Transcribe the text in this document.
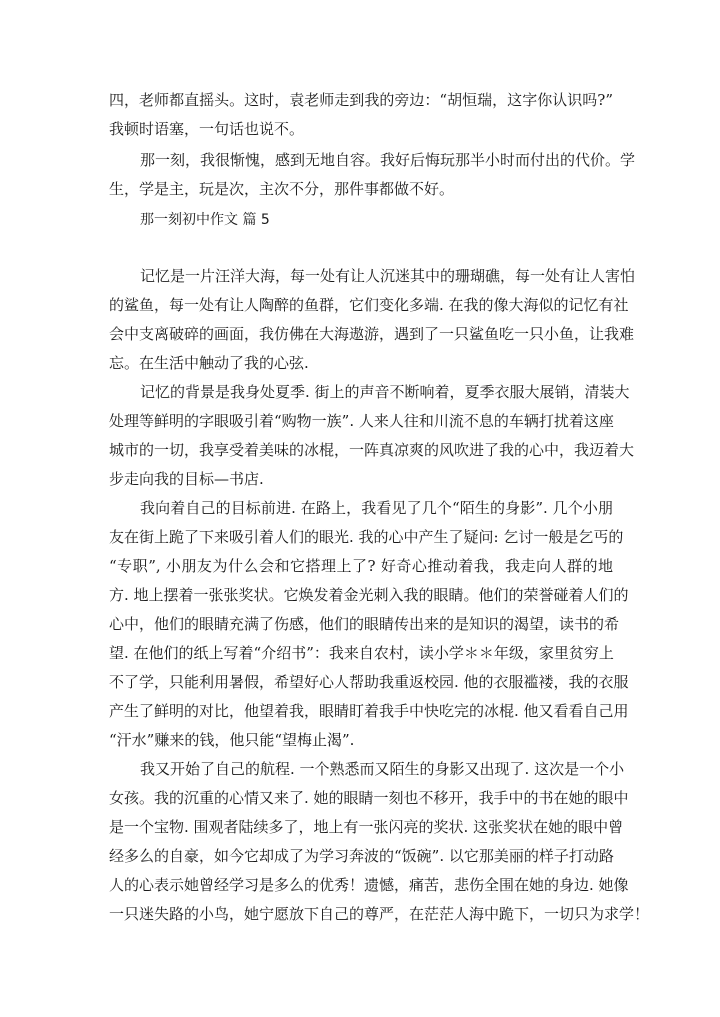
四，老师都直摇头。这时，袁老师走到我的旁边：“胡恒瑞，这字你认识吗?”
我顿时语塞，一句话也说不。
那一刻，我很惭愧，感到无地自容。我好后悔玩那半小时而付出的代价。学
生，学是主，玩是次，主次不分，那件事都做不好。
那一刻初中作文 篇 5
记忆是一片汪洋大海，每一处有让人沉迷其中的珊瑚礁，每一处有让人害怕
的鲨鱼，每一处有让人陶醉的鱼群，它们变化多端. 在我的像大海似的记忆有社
会中支离破碎的画面，我仿佛在大海遨游，遇到了一只鲨鱼吃一只小鱼，让我难
忘。在生活中触动了我的心弦.
记忆的背景是我身处夏季. 街上的声音不断响着，夏季衣服大展销，清装大
处理等鲜明的字眼吸引着“购物一族”. 人来人往和川流不息的车辆打扰着这座
城市的一切，我享受着美味的冰棍，一阵真凉爽的风吹进了我的心中，我迈着大
步走向我的目标—书店.
我向着自己的目标前进. 在路上，我看见了几个“陌生的身影”. 几个小朋
友在街上跪了下来吸引着人们的眼光. 我的心中产生了疑问: 乞讨一般是乞丐的
“专职”, 小朋友为什么会和它搭理上了? 好奇心推动着我，我走向人群的地
方. 地上摆着一张张奖状。它焕发着金光刺入我的眼睛。他们的荣誉碰着人们的
心中，他们的眼睛充满了伤感，他们的眼睛传出来的是知识的渴望，读书的希
望. 在他们的纸上写着“介绍书”：我来自农村，读小学＊＊年级，家里贫穷上
不了学，只能利用暑假，希望好心人帮助我重返校园. 他的衣服褴褛，我的衣服
产生了鲜明的对比，他望着我，眼睛盯着我手中快吃完的冰棍. 他又看看自己用
“汗水”赚来的钱，他只能“望梅止渴”.
我又开始了自己的航程. 一个熟悉而又陌生的身影又出现了. 这次是一个小
女孩。我的沉重的心情又来了. 她的眼睛一刻也不移开，我手中的书在她的眼中
是一个宝物. 围观者陆续多了，地上有一张闪亮的奖状. 这张奖状在她的眼中曾
经多么的自豪，如今它却成了为学习奔波的“饭碗”. 以它那美丽的样子打动路
人的心表示她曾经学习是多么的优秀！遗憾，痛苦，悲伤全围在她的身边. 她像
一只迷失路的小鸟，她宁愿放下自己的尊严，在茫茫人海中跪下，一切只为求学！
